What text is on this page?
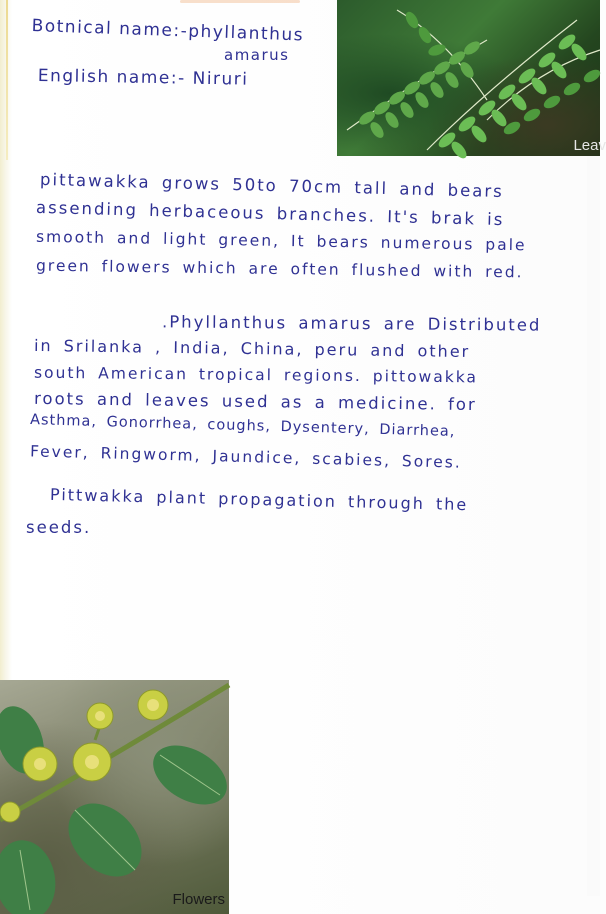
Botnical name:-phyllanthus
amarus
English name:- Niruri
Leav
pittawakka grows 50to 70cm tall and bears
assending herbaceous branches. It's brak is
smooth and light green, It bears numerous pale
green flowers which are often flushed with red.
.Phyllanthus amarus are Distributed
in Srilanka , India, China, peru and other
south American tropical regions. pittowakka
roots and leaves used as a medicine. for
Asthma, Gonorrhea, coughs, Dysentery, Diarrhea,
Fever, Ringworm, Jaundice, scabies, Sores.
Pittwakka plant propagation through the
seeds.
Flowers
